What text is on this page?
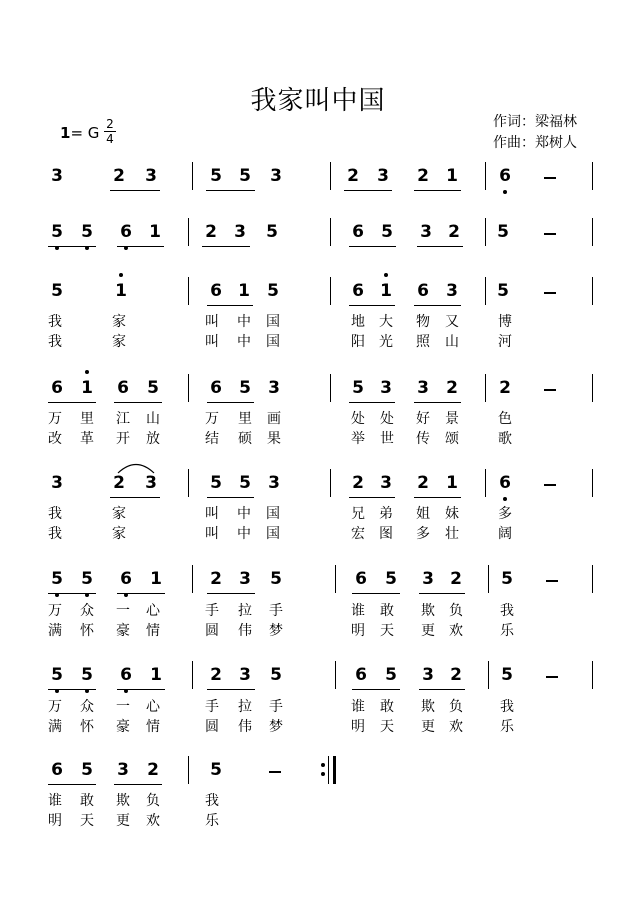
我家叫中国
1= G 2
4
作词：梁福林
作曲：郑树人
3	2 3	5 5 3	2 3 2 1 6
5 5 6 1	2 3 5	6 5 3 2 5
5	1	6 1 5	6 1 6 3 5
我	家	叫 中 国	地 大 物 又	博
我	家	叫 中 国	阳 光 照 山	河
6 1 6 5	6 5 3	5 3 3 2 2
万 里 江 山	万 里 画	处 处 好 景	色
改 革 开 放	结 硕 果	举 世 传 颂	歌
3	2 3	5 5 3	2 3 2 1 6
我	家	叫 中 国	兄 弟 姐 妹	多
我	家	叫 中 国	宏 图 多 壮	阔
5 5 6 1	2 3 5	6 5 3 2 5
万 众 一 心	手 拉 手	谁 敢 欺 负	我
满 怀 豪 情	圆 伟 梦	明 天 更 欢	乐
5 5 6 1	2 3 5	6 5 3 2 5
万 众 一 心	手 拉 手	谁 敢 欺 负	我
满 怀 豪 情	圆 伟 梦	明 天 更 欢	乐
6 5 3 2	5
谁 敢 欺 负	我
明 天 更 欢	乐
